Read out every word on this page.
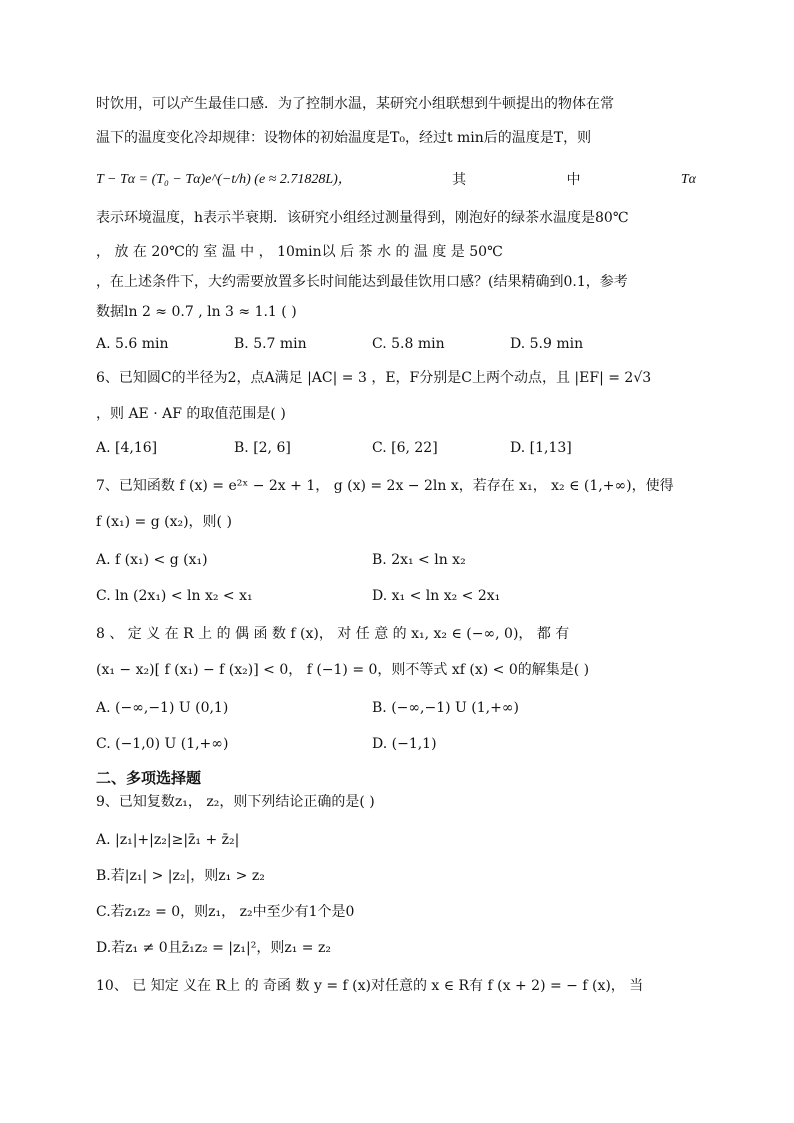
时饮用，可以产生最佳口感．为了控制水温，某研究小组联想到牛顿提出的物体在常
温下的温度变化冷却规律：设物体的初始温度是T₀，经过t min后的温度是T，则
T − Tα = (T₀ − Tα)e^(−t/h) (e ≈ 2.71828L)，	其	中	Tα
表示环境温度，h表示半衰期．该研究小组经过测量得到，刚泡好的绿茶水温度是80℃
， 放 在 20℃的 室 温 中 ， 10min以 后 茶 水 的 温 度 是 50℃
，在上述条件下，大约需要放置多长时间能达到最佳饮用口感？(结果精确到0.1，参考
数据ln 2 ≈ 0.7 , ln 3 ≈ 1.1 ( )
A. 5.6 min	B. 5.7 min	C. 5.8 min	D. 5.9 min
6、已知圆C的半径为2，点A满足 |AC| = 3 ，E，F分别是C上两个动点，且 |EF| = 2√3
，则 AE · AF 的取值范围是( )
A. [4,16]	B. [2, 6]	C. [6, 22]	D. [1,13]
7、已知函数 f (x) = e²ˣ − 2x + 1， g (x) = 2x − 2ln x，若存在 x₁， x₂ ∈ (1,+∞)，使得
f (x₁) = g (x₂)，则( )
A. f (x₁) < g (x₁)	B. 2x₁ < ln x₂
C. ln (2x₁) < ln x₂ < x₁	D. x₁ < ln x₂ < 2x₁
8 、 定 义 在 R 上 的 偶 函 数 f (x)， 对 任 意 的 x₁, x₂ ∈ (−∞, 0)， 都 有
(x₁ − x₂)[ f (x₁) − f (x₂)] < 0， f (−1) = 0，则不等式 xf (x) < 0的解集是( )
A. (−∞,−1) U (0,1)	B. (−∞,−1) U (1,+∞)
C. (−1,0) U (1,+∞)	D. (−1,1)
二、多项选择题
9、已知复数z₁， z₂，则下列结论正确的是( )
A. |z₁|+|z₂|≥|z̄₁ + z̄₂|
B.若|z₁| > |z₂|，则z₁ > z₂
C.若z₁z₂ = 0，则z₁， z₂中至少有1个是0
D.若z₁ ≠ 0且z̄₁z₂ = |z₁|²，则z₁ = z₂
10、 已 知定 义在 R上 的 奇函 数 y = f (x)对任意的 x ∈ R有 f (x + 2) = − f (x)， 当
